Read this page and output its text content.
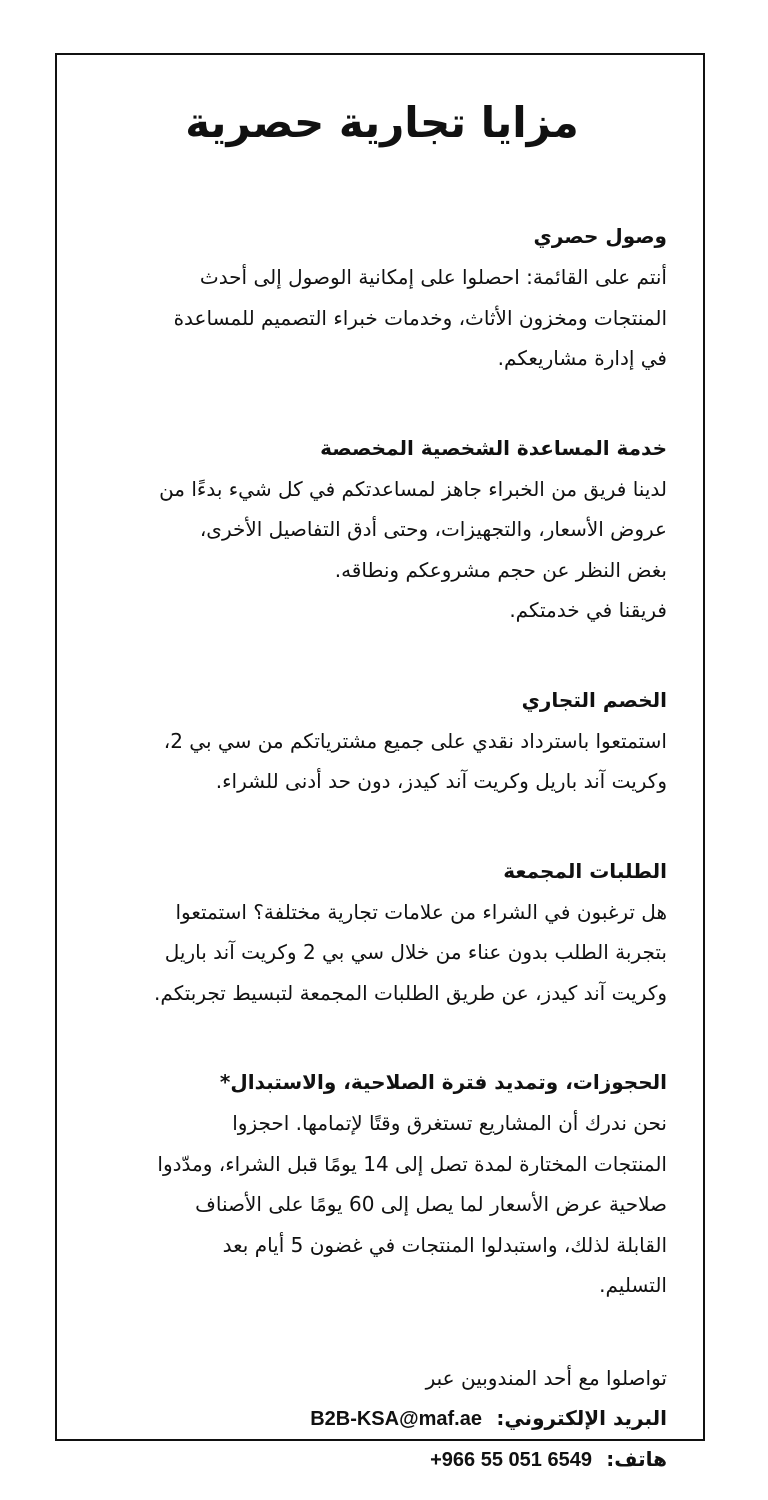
مزايا تجارية حصرية
وصول حصري
أنتم على القائمة: احصلوا على إمكانية الوصول إلى أحدث
المنتجات ومخزون الأثاث، وخدمات خبراء التصميم للمساعدة
في إدارة مشاريعكم.
خدمة المساعدة الشخصية المخصصة
لدينا فريق من الخبراء جاهز لمساعدتكم في كل شيء بدءًا من
عروض الأسعار، والتجهيزات، وحتى أدق التفاصيل الأخرى،
بغض النظر عن حجم مشروعكم ونطاقه.
فريقنا في خدمتكم.
الخصم التجاري
استمتعوا باسترداد نقدي على جميع مشترياتكم من سي بي 2،
وكريت آند باريل وكريت آند كيدز، دون حد أدنى للشراء.
الطلبات المجمعة
هل ترغبون في الشراء من علامات تجارية مختلفة؟ استمتعوا
بتجربة الطلب بدون عناء من خلال سي بي 2 وكريت آند باريل
وكريت آند كيدز، عن طريق الطلبات المجمعة لتبسيط تجربتكم.
الحجوزات، وتمديد فترة الصلاحية، والاستبدال*
نحن ندرك أن المشاريع تستغرق وقتًا لإتمامها. احجزوا
المنتجات المختارة لمدة تصل إلى 14 يومًا قبل الشراء، ومدّدوا
صلاحية عرض الأسعار لما يصل إلى 60 يومًا على الأصناف
القابلة لذلك، واستبدلوا المنتجات في غضون 5 أيام بعد
التسليم.
تواصلوا مع أحد المندوبين عبر
البريد الإلكتروني: B2B-KSA@maf.ae
هاتف: +966 55 051 6549
